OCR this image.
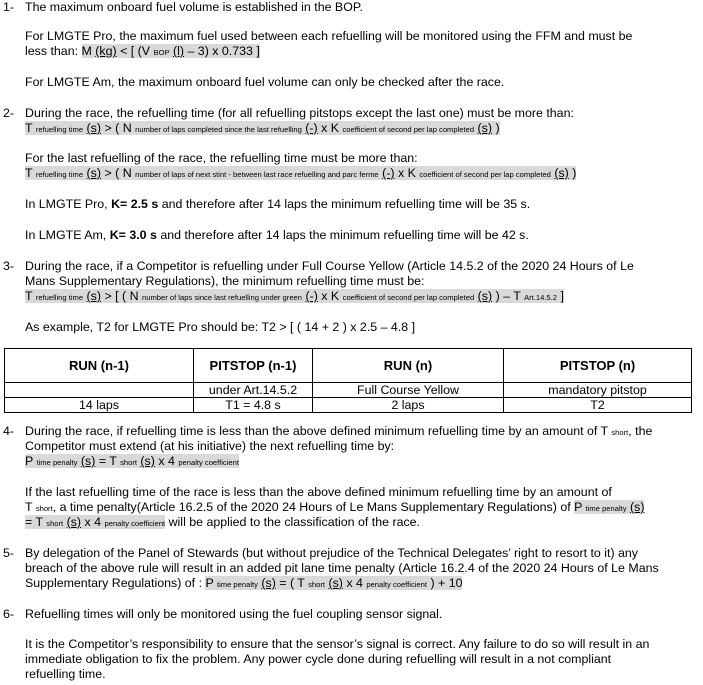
1- The maximum onboard fuel volume is established in the BOP.
For LMGTE Pro, the maximum fuel used between each refuelling will be monitored using the FFM and must be
less than: M (kg) < [ (V BOP (l) – 3) x 0.733 ]
For LMGTE Am, the maximum onboard fuel volume can only be checked after the race.
2- During the race, the refuelling time (for all refuelling pitstops except the last one) must be more than:
T refuelling time (s) > ( N number of laps completed since the last refuelling (-) x K coefficient of second per lap completed (s) )
For the last refuelling of the race, the refuelling time must be more than:
T refuelling time (s) > ( N number of laps of next stint - between last race refuelling and parc ferme (-) x K coefficient of second per lap completed (s) )
In LMGTE Pro, K= 2.5 s and therefore after 14 laps the minimum refuelling time will be 35 s.
In LMGTE Am, K= 3.0 s and therefore after 14 laps the minimum refuelling time will be 42 s.
3- During the race, if a Competitor is refuelling under Full Course Yellow (Article 14.5.2 of the 2020 24 Hours of Le
Mans Supplementary Regulations), the minimum refuelling time must be:
T refuelling time (s) > [ ( N number of laps since last refuelling under green (-) x K coefficient of second per lap completed (s) ) – T Art.14.5.2 ]
As example, T2 for LMGTE Pro should be: T2 > [ ( 14 + 2 ) x 2.5 – 4.8 ]
RUN (n-1)	PITSTOP (n-1)	RUN (n)	PITSTOP (n)
	under Art.14.5.2	Full Course Yellow	mandatory pitstop
14 laps	T1 = 4.8 s	2 laps	T2
4- During the race, if refuelling time is less than the above defined minimum refuelling time by an amount of T short, the
Competitor must extend (at his initiative) the next refuelling time by:
P time penalty (s) = T short (s) x 4 penalty coefficient
If the last refuelling time of the race is less than the above defined minimum refuelling time by an amount of
T short, a time penalty(Article 16.2.5 of the 2020 24 Hours of Le Mans Supplementary Regulations) of P time penalty (s)
= T short (s) x 4 penalty coefficient will be applied to the classification of the race.
5- By delegation of the Panel of Stewards (but without prejudice of the Technical Delegates’ right to resort to it) any
breach of the above rule will result in an added pit lane time penalty (Article 16.2.4 of the 2020 24 Hours of Le Mans
Supplementary Regulations) of : P time penalty (s) = ( T short (s) x 4 penalty coefficient ) + 10
6- Refuelling times will only be monitored using the fuel coupling sensor signal.
It is the Competitor’s responsibility to ensure that the sensor’s signal is correct. Any failure to do so will result in an
immediate obligation to fix the problem. Any power cycle done during refuelling will result in a not compliant
refuelling time.
